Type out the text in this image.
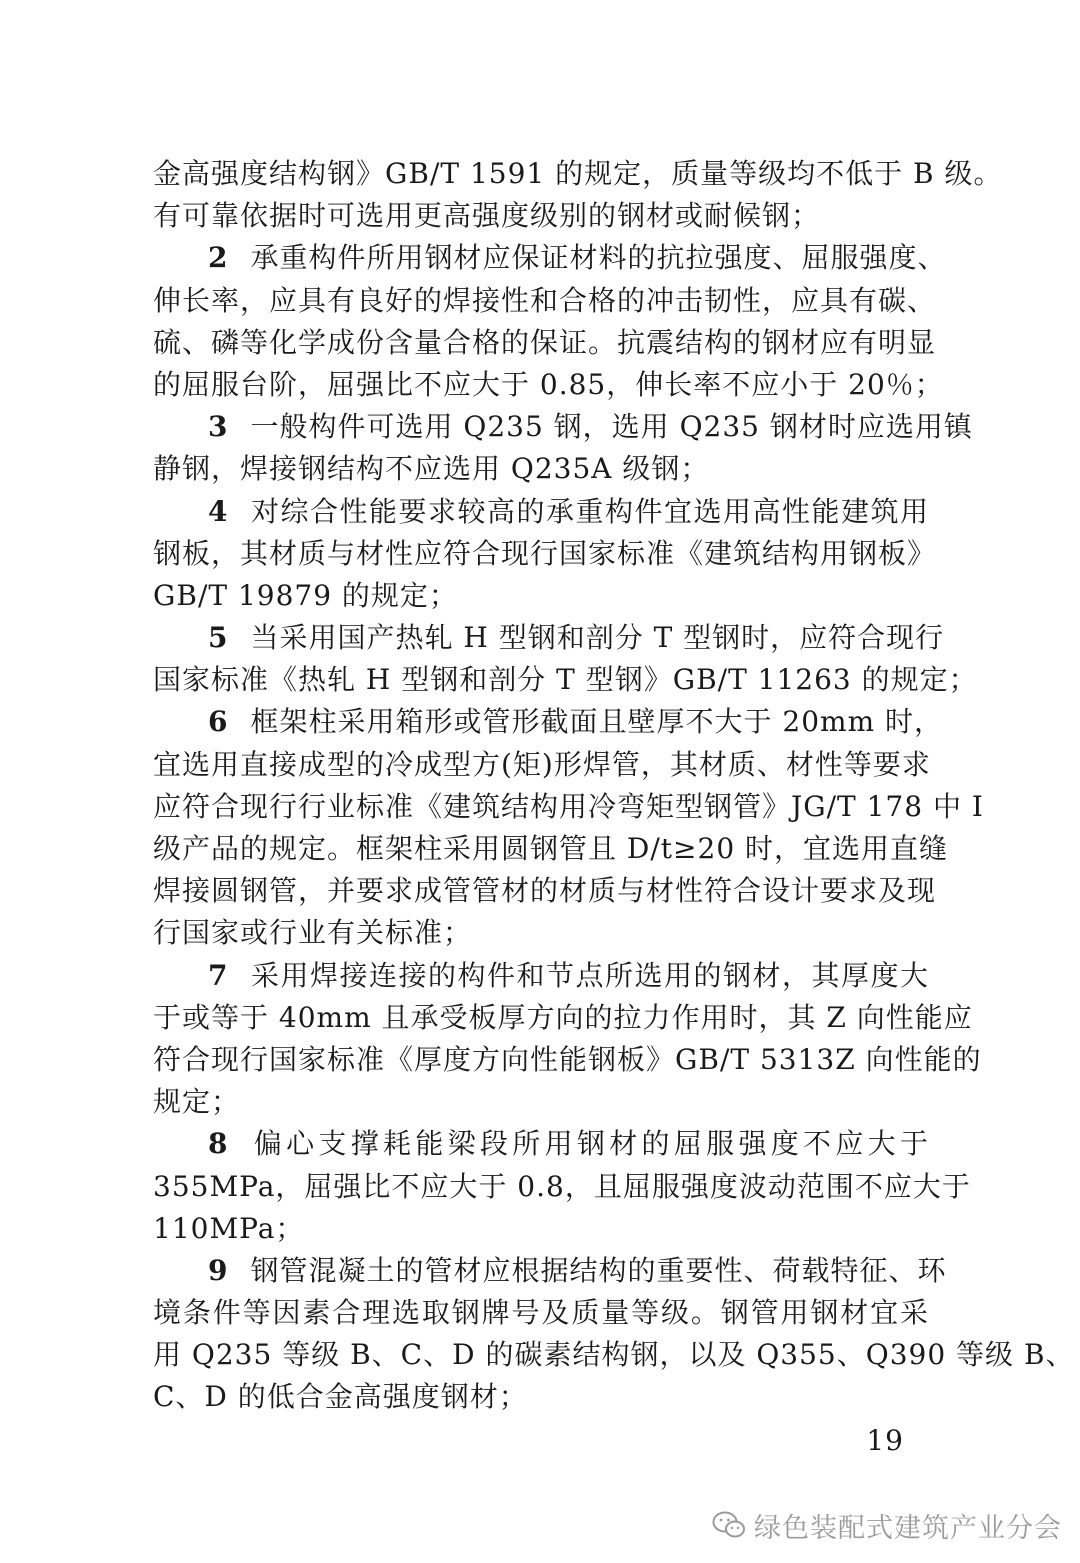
金高强度结构钢》GB/T 1591 的规定，质量等级均不低于 B 级。
有可靠依据时可选用更高强度级别的钢材或耐候钢；
2 承重构件所用钢材应保证材料的抗拉强度、屈服强度、
伸长率，应具有良好的焊接性和合格的冲击韧性，应具有碳、
硫、磷等化学成份含量合格的保证。抗震结构的钢材应有明显
的屈服台阶，屈强比不应大于 0.85，伸长率不应小于 20％；
3 一般构件可选用 Q235 钢，选用 Q235 钢材时应选用镇
静钢，焊接钢结构不应选用 Q235A 级钢；
4 对综合性能要求较高的承重构件宜选用高性能建筑用
钢板，其材质与材性应符合现行国家标准《建筑结构用钢板》
GB/T 19879 的规定；
5 当采用国产热轧 H 型钢和剖分 T 型钢时，应符合现行
国家标准《热轧 H 型钢和剖分 T 型钢》GB/T 11263 的规定；
6 框架柱采用箱形或管形截面且壁厚不大于 20mm 时，
宜选用直接成型的冷成型方(矩)形焊管，其材质、材性等要求
应符合现行行业标准《建筑结构用冷弯矩型钢管》JG/T 178 中 I
级产品的规定。框架柱采用圆钢管且 D/t≥20 时，宜选用直缝
焊接圆钢管，并要求成管管材的材质与材性符合设计要求及现
行国家或行业有关标准；
7 采用焊接连接的构件和节点所选用的钢材，其厚度大
于或等于 40mm 且承受板厚方向的拉力作用时，其 Z 向性能应
符合现行国家标准《厚度方向性能钢板》GB/T 5313Z 向性能的
规定；
8 偏心支撑耗能梁段所用钢材的屈服强度不应大于
355MPa，屈强比不应大于 0.8，且屈服强度波动范围不应大于
110MPa；
9 钢管混凝土的管材应根据结构的重要性、荷载特征、环
境条件等因素合理选取钢牌号及质量等级。钢管用钢材宜采
用 Q235 等级 B、C、D 的碳素结构钢，以及 Q355、Q390 等级 B、
C、D 的低合金高强度钢材；
19
绿色装配式建筑产业分会
